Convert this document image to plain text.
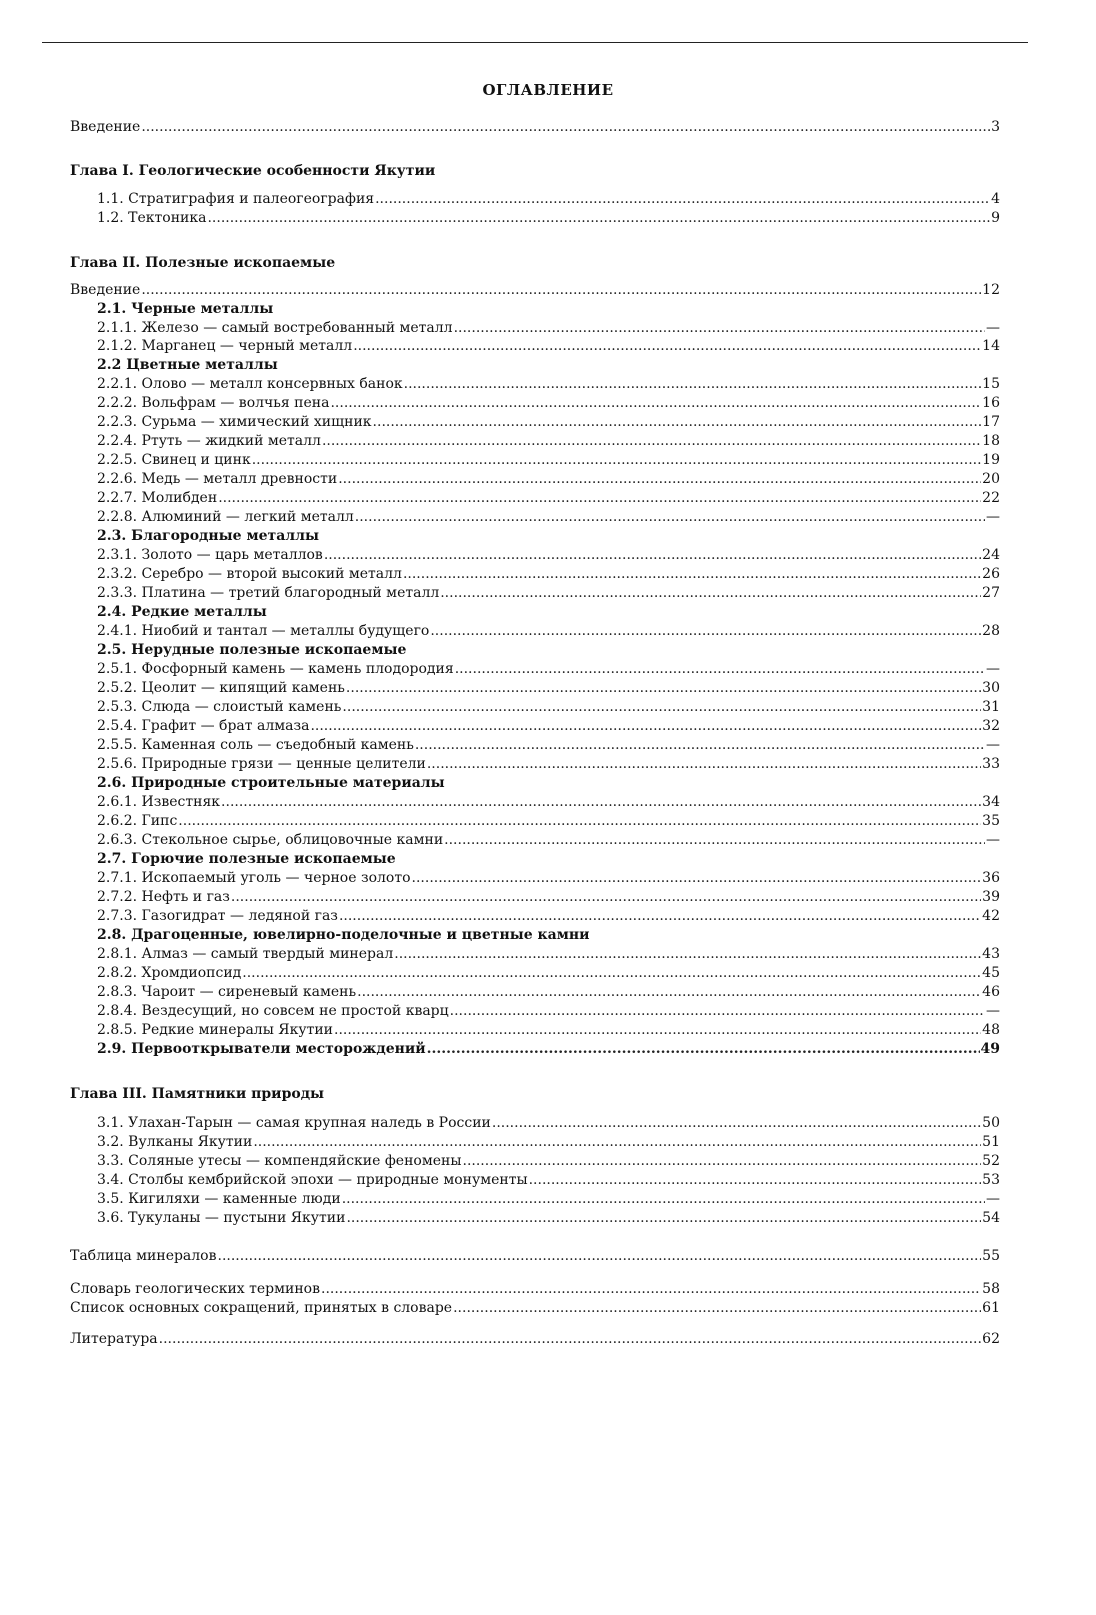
ОГЛАВЛЕНИЕ
Введение .....	3
Глава I. Геологические особенности Якутии
1.1. Стратиграфия и палеогеография .....	4
1.2. Тектоника .....	9
Глава II. Полезные ископаемые
Введение .....	12
2.1. Черные металлы
2.1.1. Железо — самый востребованный металл .....	—
2.1.2. Марганец — черный металл .....	14
2.2 Цветные металлы
2.2.1. Олово — металл консервных банок .....	15
2.2.2. Вольфрам — волчья пена .....	16
2.2.3. Сурьма — химический хищник .....	17
2.2.4. Ртуть — жидкий металл .....	18
2.2.5. Свинец и цинк .....	19
2.2.6. Медь — металл древности .....	20
2.2.7. Молибден .....	22
2.2.8. Алюминий — легкий металл .....	—
2.3. Благородные металлы
2.3.1. Золото — царь металлов .....	24
2.3.2. Серебро — второй высокий металл .....	26
2.3.3. Платина — третий благородный металл .....	27
2.4. Редкие металлы
2.4.1. Ниобий и тантал — металлы будущего .....	28
2.5. Нерудные полезные ископаемые
2.5.1. Фосфорный камень — камень плодородия .....	—
2.5.2. Цеолит — кипящий камень .....	30
2.5.3. Слюда — слоистый камень .....	31
2.5.4. Графит — брат алмаза .....	32
2.5.5. Каменная соль — съедобный камень .....	—
2.5.6. Природные грязи — ценные целители .....	33
2.6. Природные строительные материалы
2.6.1. Известняк .....	34
2.6.2. Гипс .....	35
2.6.3. Стекольное сырье, облицовочные камни .....	—
2.7. Горючие полезные ископаемые
2.7.1. Ископаемый уголь — черное золото .....	36
2.7.2. Нефть и газ .....	39
2.7.3. Газогидрат — ледяной газ .....	42
2.8. Драгоценные, ювелирно-поделочные и цветные камни
2.8.1. Алмаз — самый твердый минерал .....	43
2.8.2. Хромдиопсид .....	45
2.8.3. Чароит — сиреневый камень .....	46
2.8.4. Вездесущий, но совсем не простой кварц .....	—
2.8.5. Редкие минералы Якутии .....	48
2.9. Первооткрыватели месторождений .....	49
Глава III. Памятники природы
3.1. Улахан-Тарын — самая крупная наледь в России .....	50
3.2. Вулканы Якутии .....	51
3.3. Соляные утесы — компендяйские феномены .....	52
3.4. Столбы кембрийской эпохи — природные монументы .....	53
3.5. Кигиляхи — каменные люди .....	—
3.6. Тукуланы — пустыни Якутии .....	54
Таблица минералов .....	55
Словарь геологических терминов .....	58
Список основных сокращений, принятых в словаре .....	61
Литература .....	62
